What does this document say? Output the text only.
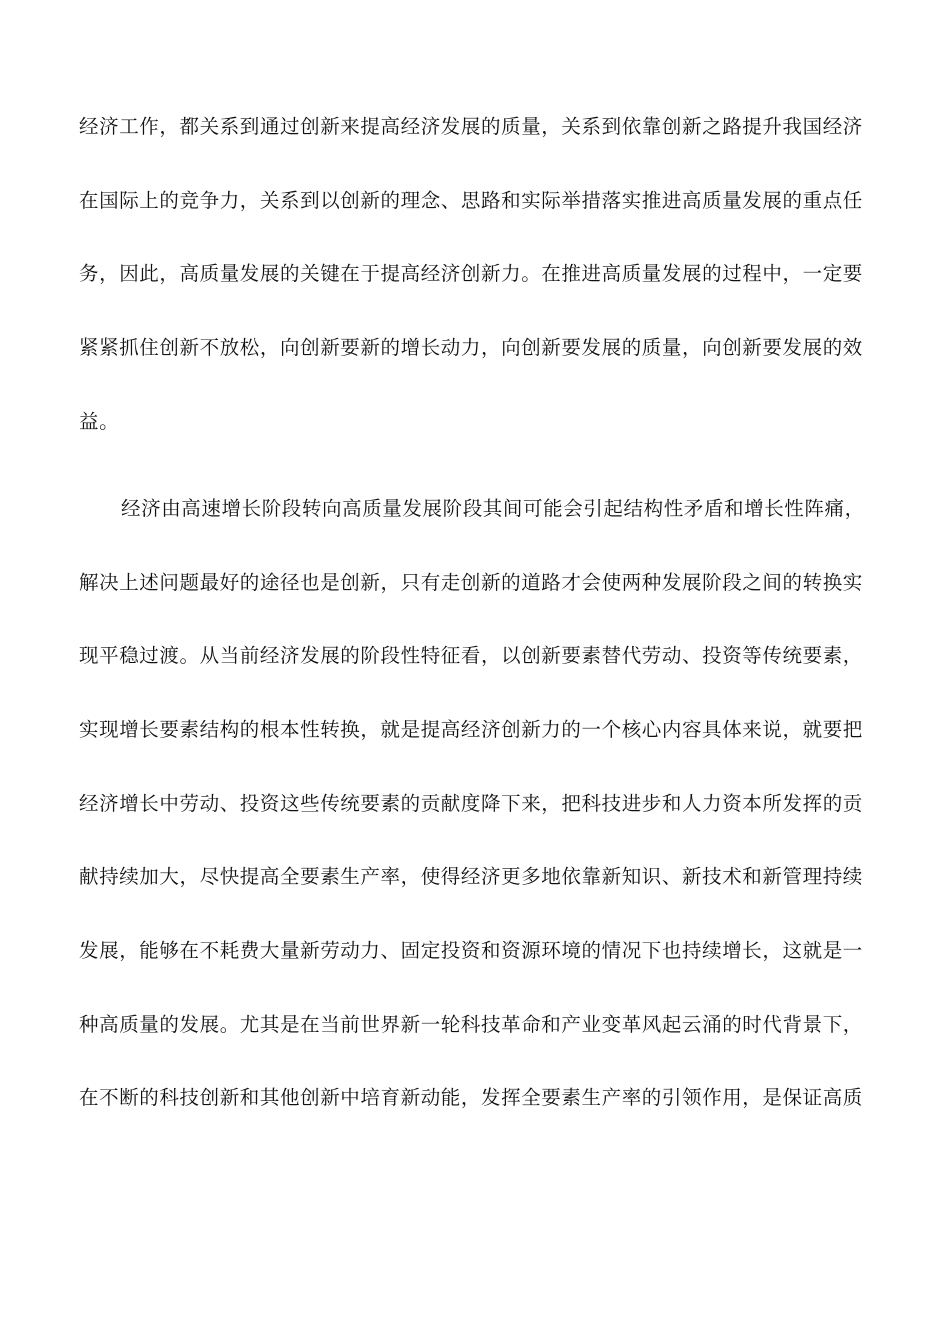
经济工作，都关系到通过创新来提高经济发展的质量，关系到依靠创新之路提升我国经济
在国际上的竞争力，关系到以创新的理念、思路和实际举措落实推进高质量发展的重点任
务，因此，高质量发展的关键在于提高经济创新力。在推进高质量发展的过程中，一定要
紧紧抓住创新不放松，向创新要新的增长动力，向创新要发展的质量，向创新要发展的效
益。
经济由高速增长阶段转向高质量发展阶段其间可能会引起结构性矛盾和增长性阵痛，
解决上述问题最好的途径也是创新，只有走创新的道路才会使两种发展阶段之间的转换实
现平稳过渡。从当前经济发展的阶段性特征看，以创新要素替代劳动、投资等传统要素，
实现增长要素结构的根本性转换，就是提高经济创新力的一个核心内容具体来说，就要把
经济增长中劳动、投资这些传统要素的贡献度降下来，把科技进步和人力资本所发挥的贡
献持续加大，尽快提高全要素生产率，使得经济更多地依靠新知识、新技术和新管理持续
发展，能够在不耗费大量新劳动力、固定投资和资源环境的情况下也持续增长，这就是一
种高质量的发展。尤其是在当前世界新一轮科技革命和产业变革风起云涌的时代背景下，
在不断的科技创新和其他创新中培育新动能，发挥全要素生产率的引领作用，是保证高质
